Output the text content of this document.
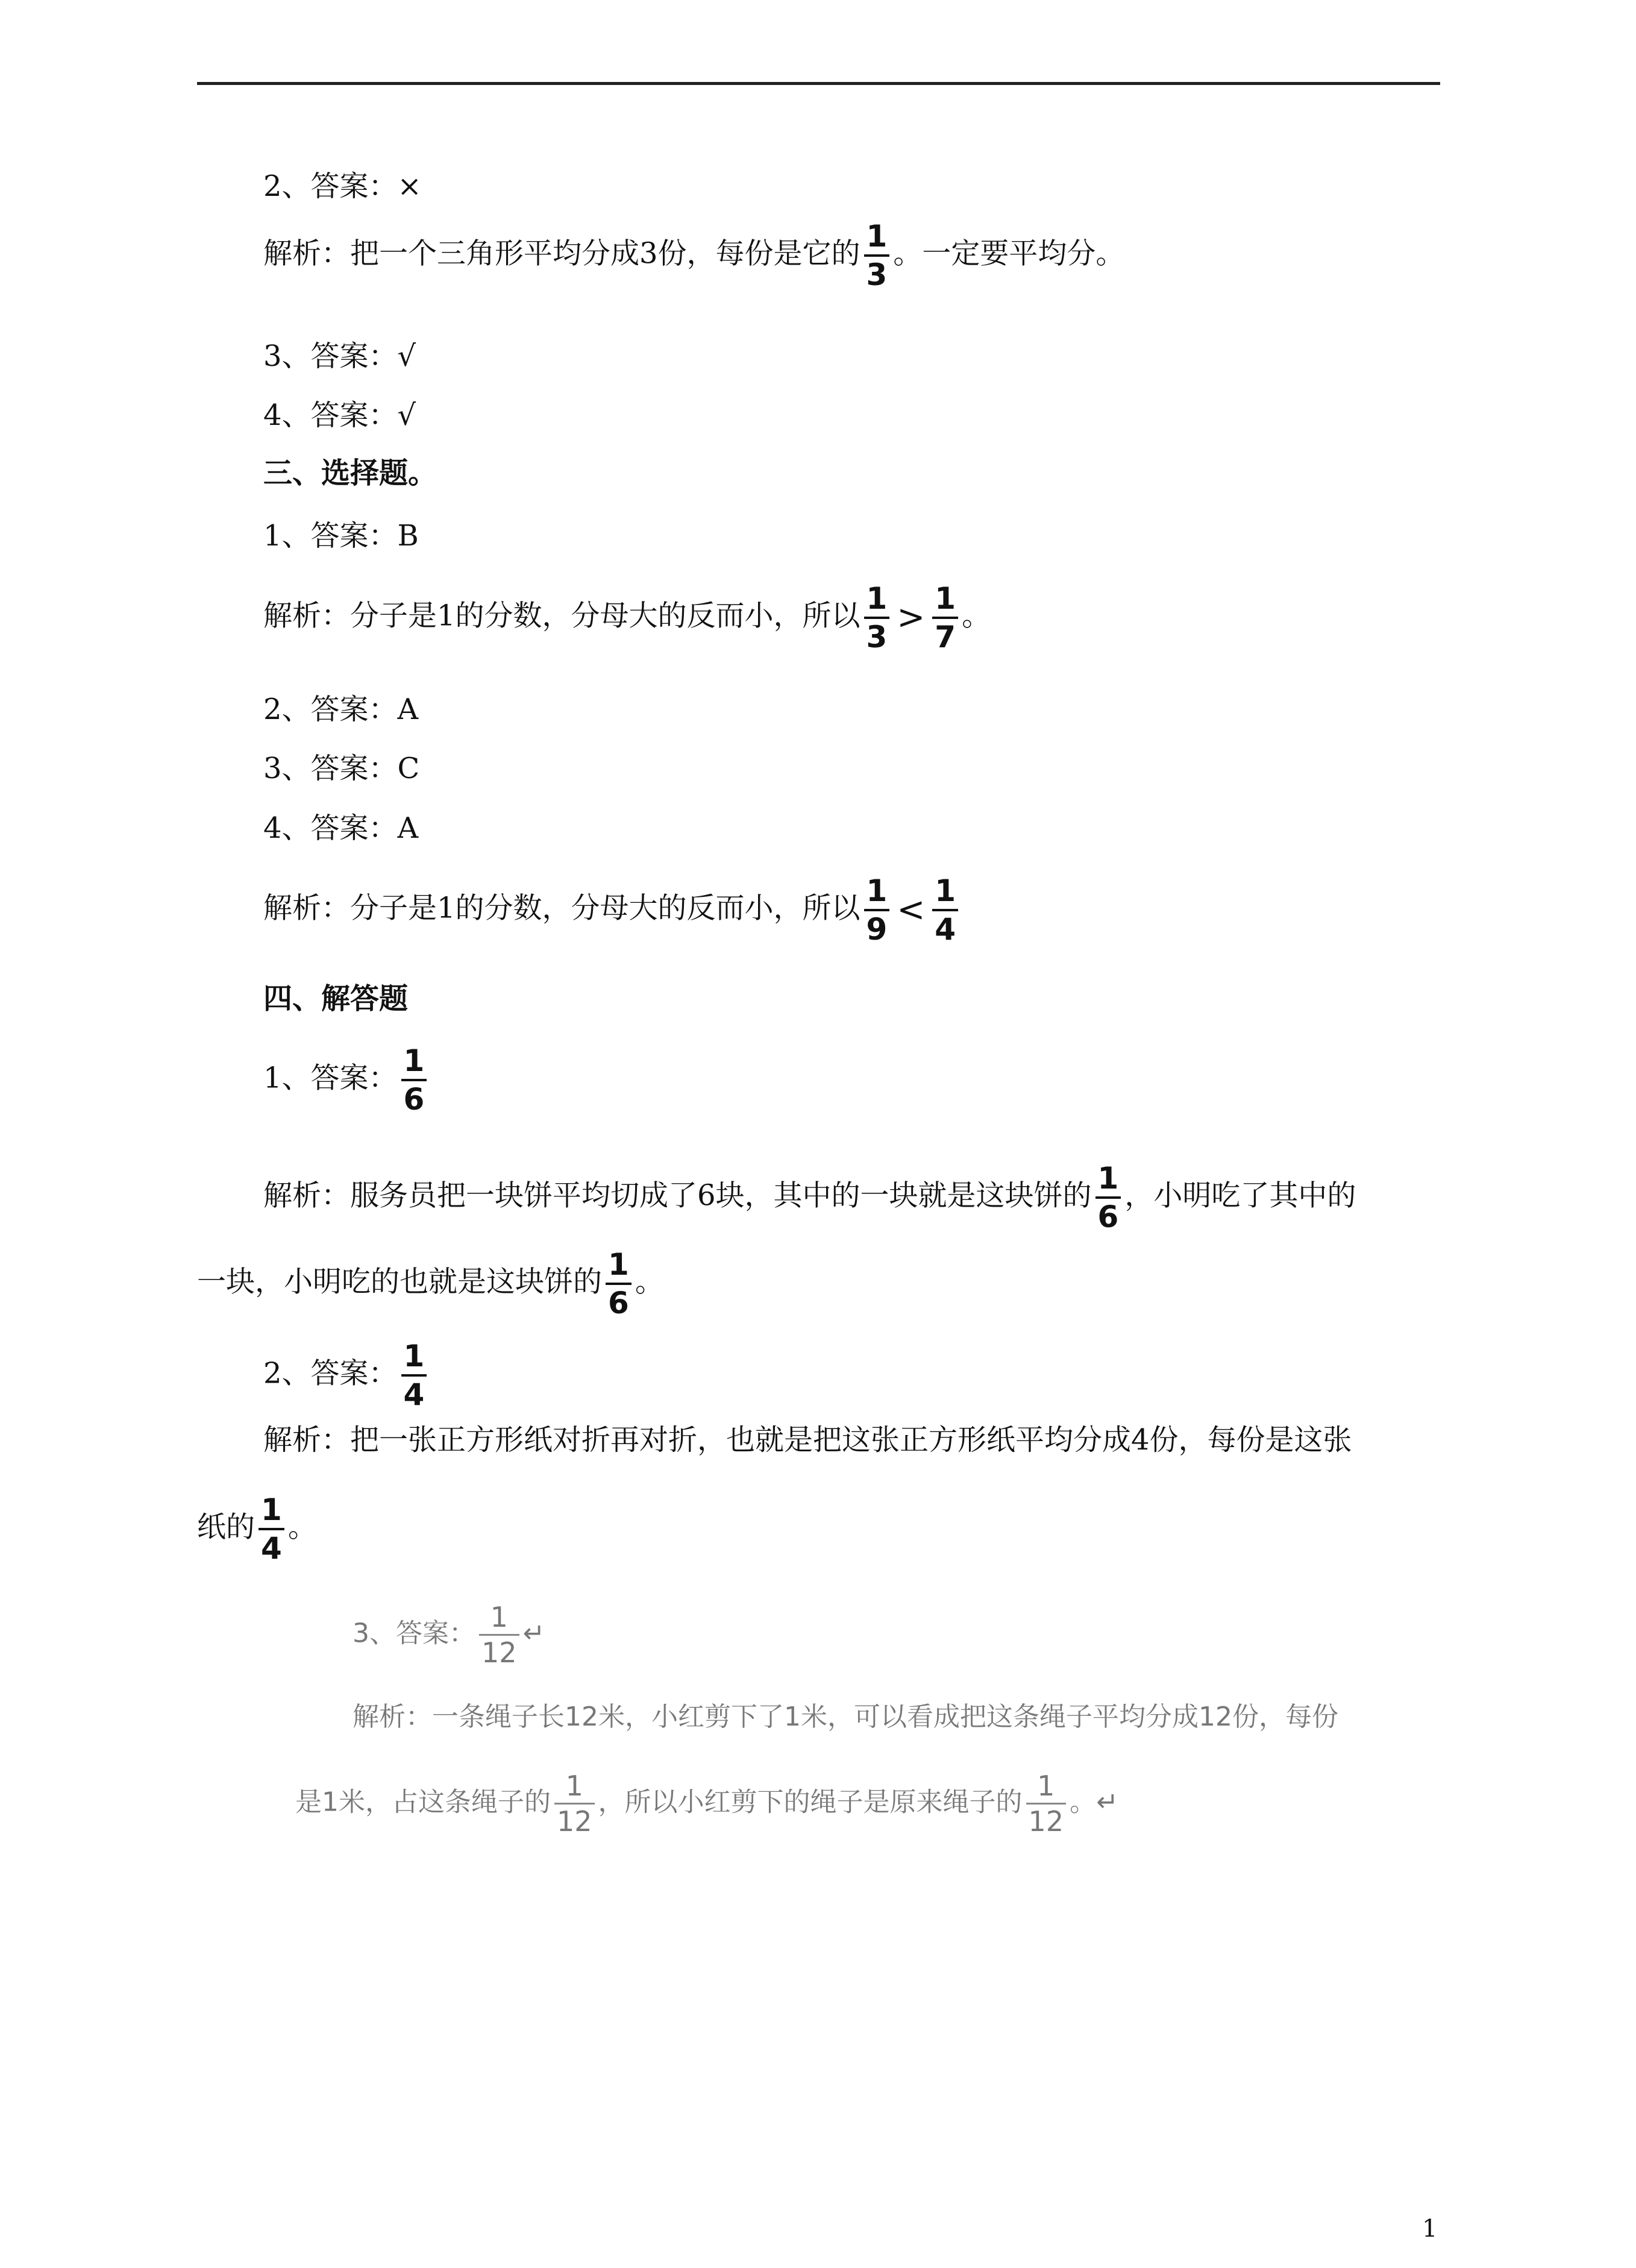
2、答案：×
解析：把一个三角形平均分成3份，每份是它的 $\frac{1}{3}$ 。一定要平均分。
3、答案：√
4、答案：√
三、选择题。
1、答案：B
解析：分子是1的分数，分母大的反而小，所以 $\frac{1}{3} > \frac{1}{7}$ 。
2、答案：A
3、答案：C
4、答案：A
解析：分子是1的分数，分母大的反而小，所以 $\frac{1}{9} < \frac{1}{4}$
四、解答题
1、答案： $\frac{1}{6}$
解析：服务员把一块饼平均切成了6块，其中的一块就是这块饼的 $\frac{1}{6}$ ，小明吃了其中的
一块，小明吃的也就是这块饼的 $\frac{1}{6}$ 。
2、答案： $\frac{1}{4}$
解析：把一张正方形纸对折再对折，也就是把这张正方形纸平均分成4份，每份是这张
纸的 $\frac{1}{4}$ 。
3、答案： $\frac{1}{12}$ ↵
解析：一条绳子长12米，小红剪下了1米，可以看成把这条绳子平均分成12份，每份
是1米，占这条绳子的 $\frac{1}{12}$ ，所以小红剪下的绳子是原来绳子的 $\frac{1}{12}$ 。↵
1
